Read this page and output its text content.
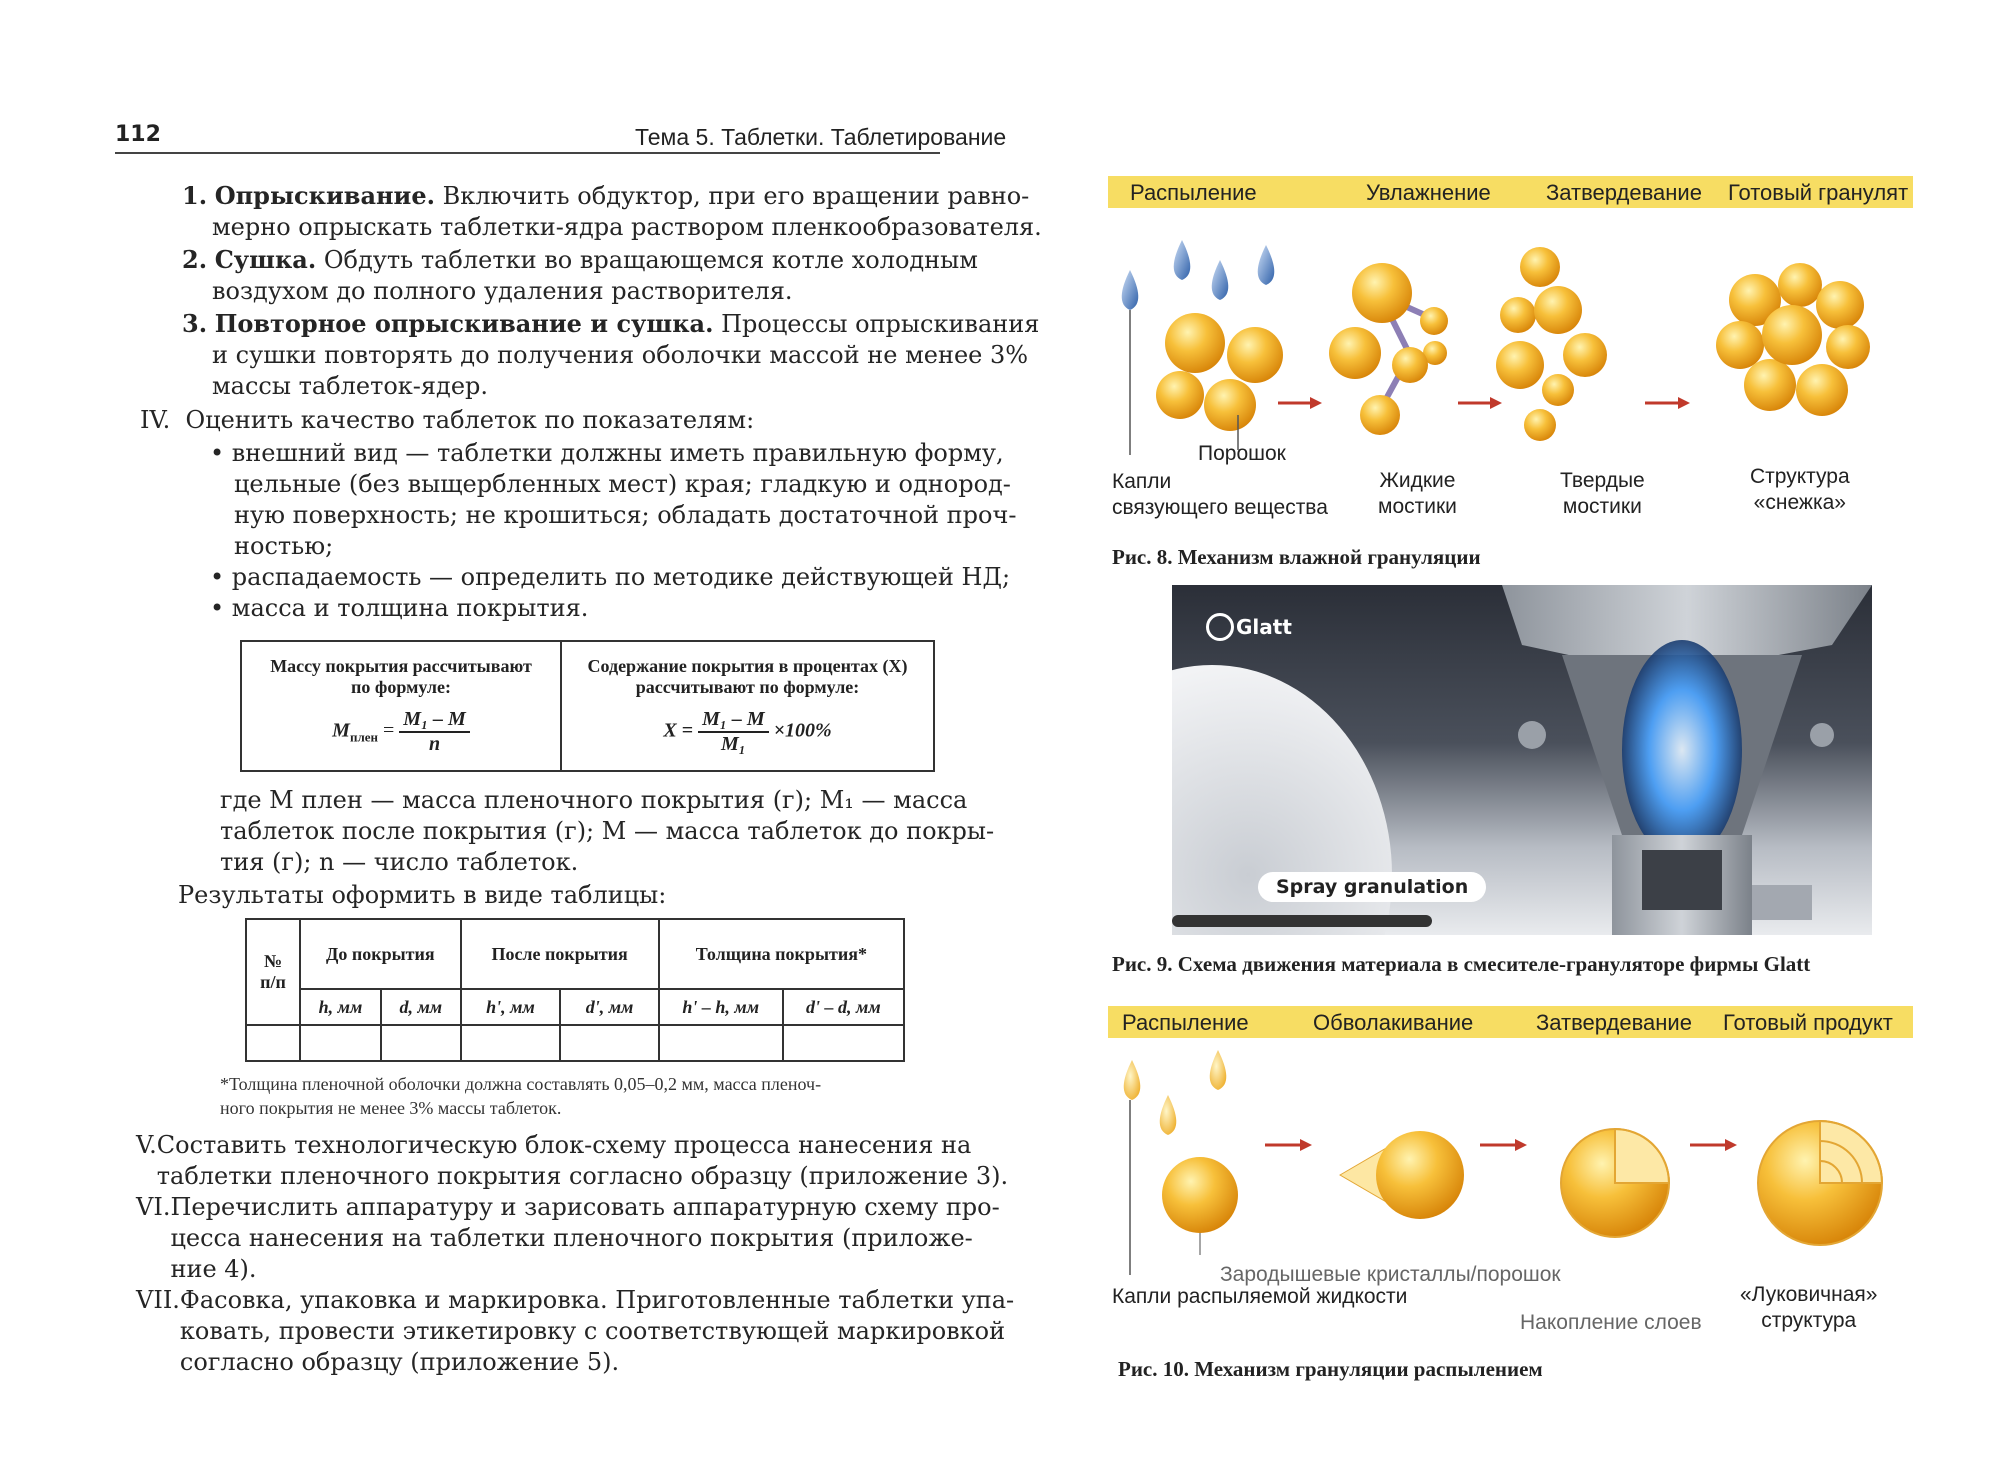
112	Тема 5. Таблетки. Таблетирование
1. Опрыскивание. Включить обдуктор, при его вращении равно-
мерно опрыскать таблетки-ядра раствором пленкообразователя.
2. Сушка. Обдуть таблетки во вращающемся котле холодным
воздухом до полного удаления растворителя.
3. Повторное опрыскивание и сушка. Процессы опрыскивания
и сушки повторять до получения оболочки массой не менее 3%
массы таблеток-ядер.
IV. Оценить качество таблеток по показателям:
• внешний вид — таблетки должны иметь правильную форму,
цельные (без выщербленных мест) края; гладкую и однород-
ную поверхность; не крошиться; обладать достаточной проч-
ностью;
• распадаемость — определить по методике действующей НД;
• масса и толщина покрытия.
Массу покрытия рассчитывают
по формуле:
$M_{плен} = \frac{\text{M₁ – M}}{n}$

Содержание покрытия в процентах (X)
рассчитывают по формуле:
$X = \frac{\text{M₁ – M}}{\text{M₁}} \times 100\%$
где M плен — масса пленочного покрытия (г); M₁ — масса
таблеток после покрытия (г); M — масса таблеток до покры-
тия (г); n — число таблеток.
Результаты оформить в виде таблицы:
№
п/п	До покрытия		После покрытия		Толщина покрытия*	
	h, мм	d, мм	h', мм	d', мм	h' – h, мм	d' – d, мм

*Толщина пленочной оболочки должна составлять 0,05–0,2 мм, масса пленоч-
ного покрытия не менее 3% массы таблеток.
V. Составить технологическую блок-схему процесса нанесения на
таблетки пленочного покрытия согласно образцу (приложение 3).
VI. Перечислить аппаратуру и зарисовать аппаратурную схему про-
цесса нанесения на таблетки пленочного покрытия (приложе-
ние 4).
VII. Фасовка, упаковка и маркировка. Приготовленные таблетки упа-
ковать, провести этикетировку с соответствующей маркировкой
согласно образцу (приложение 5).
Распыление	Увлажнение	Затвердевание Готовый гранулят
Порошок
Капли
связующего вещества
Жидкие
мостики
Твердые
мостики
Структура
«снежка»
Рис. 8. Механизм влажной грануляции
Glatt
Spray granulation
Рис. 9. Схема движения материала в смесителе-грануляторе фирмы Glatt
Распыление	Обволакивание	Затвердевание Готовый продукт
Зародышевые кристаллы/порошок
Капли распыляемой жидкости
Накопление слоев
«Луковичная»
структура
Рис. 10. Механизм грануляции распылением
